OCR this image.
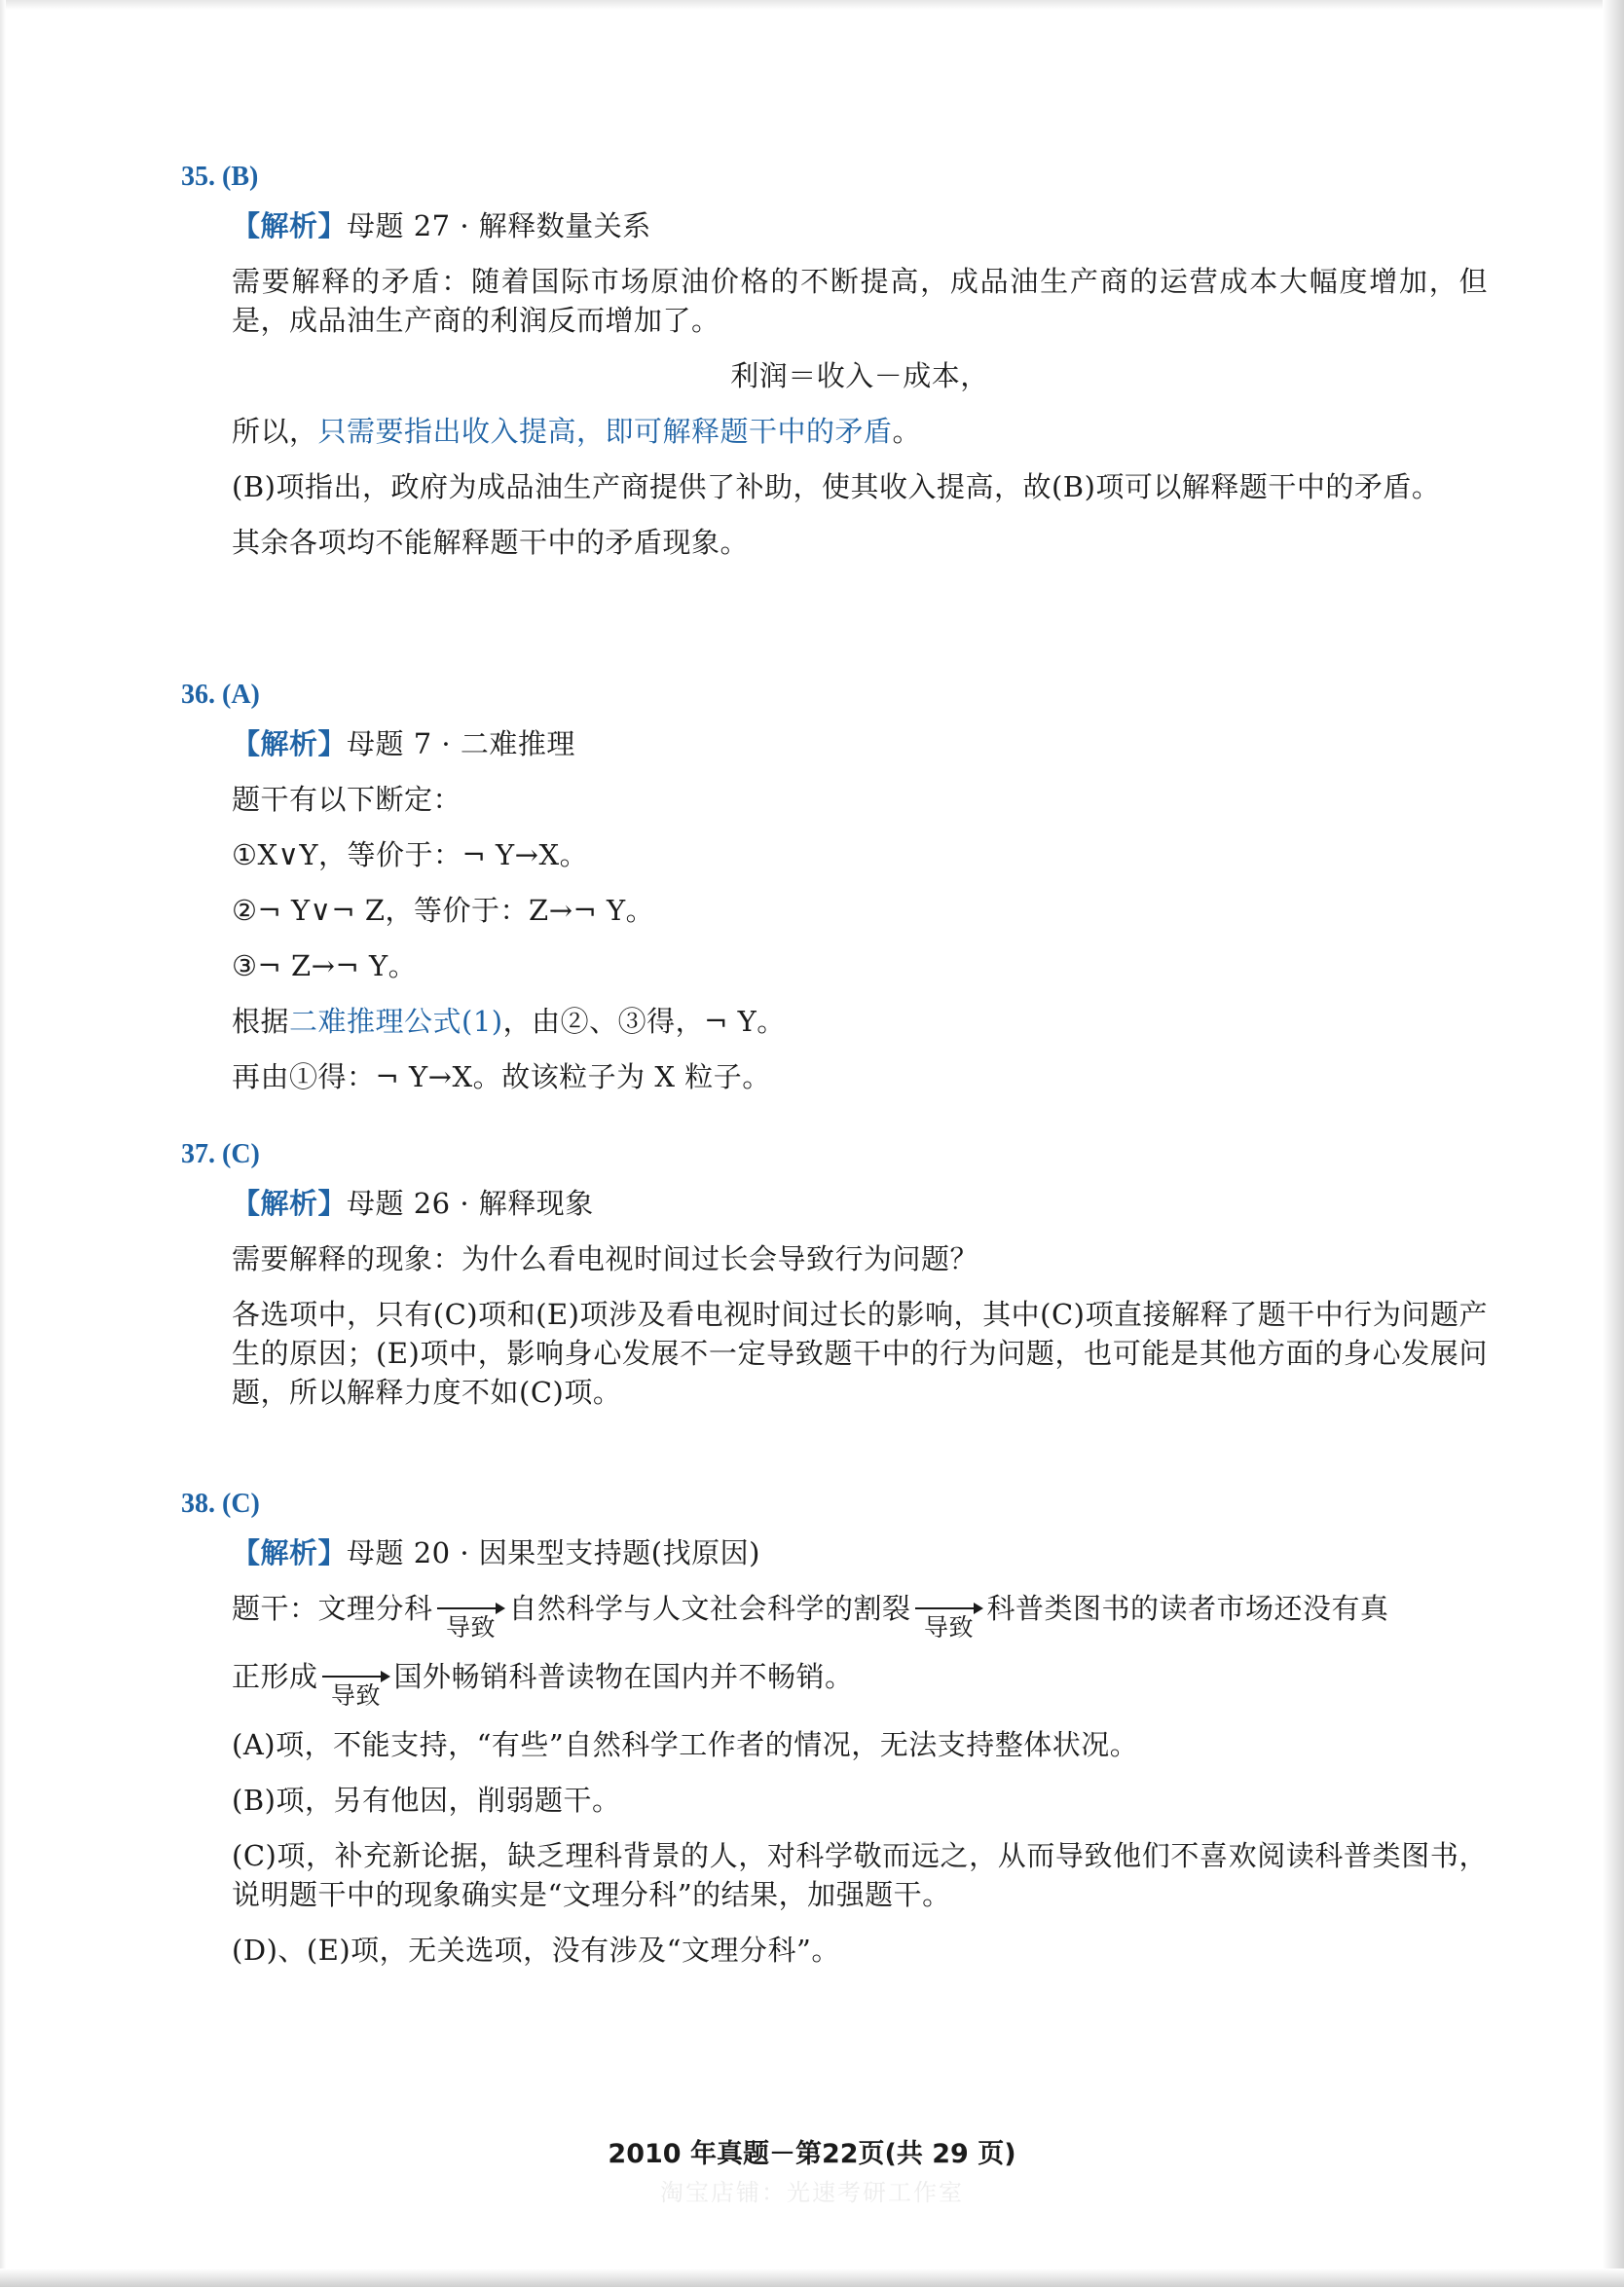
35. (B)
【解析】母题 27 · 解释数量关系
需要解释的矛盾：随着国际市场原油价格的不断提高，成品油生产商的运营成本大幅度增加，但是，成品油生产商的利润反而增加了。
利润＝收入－成本，
所以，只需要指出收入提高，即可解释题干中的矛盾。
(B)项指出，政府为成品油生产商提供了补助，使其收入提高，故(B)项可以解释题干中的矛盾。
其余各项均不能解释题干中的矛盾现象。
36. (A)
【解析】母题 7 · 二难推理
题干有以下断定：
①X∨Y，等价于：¬ Y→X。
②¬ Y∨¬ Z，等价于：Z→¬ Y。
③¬ Z→¬ Y。
根据二难推理公式(1)，由②、③得，¬ Y。
再由①得：¬ Y→X。故该粒子为 X 粒子。
37. (C)
【解析】母题 26 · 解释现象
需要解释的现象：为什么看电视时间过长会导致行为问题？
各选项中，只有(C)项和(E)项涉及看电视时间过长的影响，其中(C)项直接解释了题干中行为问题产生的原因；(E)项中，影响身心发展不一定导致题干中的行为问题，也可能是其他方面的身心发展问题，所以解释力度不如(C)项。
38. (C)
【解析】母题 20 · 因果型支持题(找原因)
题干：文理分科
导致
自然科学与人文社会科学的割裂
导致
科普类图书的读者市场还没有真
正形成
导致
国外畅销科普读物在国内并不畅销。
(A)项，不能支持，“有些”自然科学工作者的情况，无法支持整体状况。
(B)项，另有他因，削弱题干。
(C)项，补充新论据，缺乏理科背景的人，对科学敬而远之，从而导致他们不喜欢阅读科普类图书，说明题干中的现象确实是“文理分科”的结果，加强题干。
(D)、(E)项，无关选项，没有涉及“文理分科”。
2010 年真题－第22页(共 29 页)
淘宝店铺：光速考研工作室
